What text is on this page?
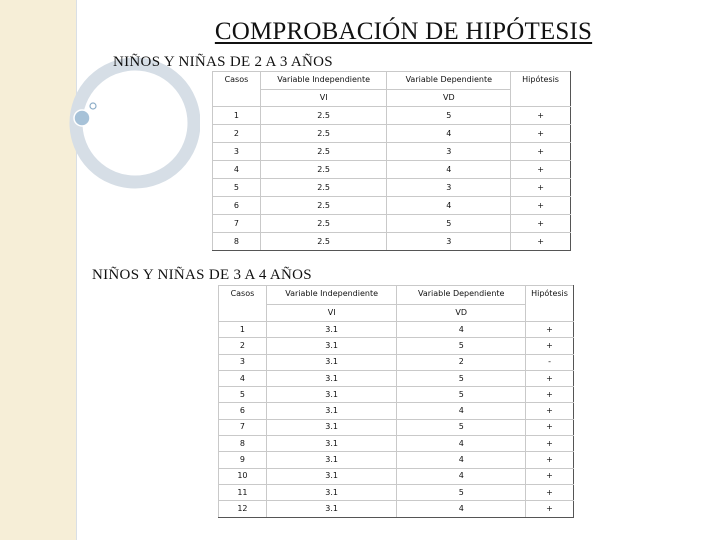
COMPROBACIÓN DE HIPÓTESIS
NIÑOS Y NIÑAS DE 2 A 3 AÑOS
Casos	Variable Independiente	Variable Dependiente	Hipótesis
	VI	VD	
1	2.5	5	+
2	2.5	4	+
3	2.5	3	+
4	2.5	4	+
5	2.5	3	+
6	2.5	4	+
7	2.5	5	+
8	2.5	3	+
NIÑOS Y NIÑAS DE 3 A 4 AÑOS
Casos	Variable Independiente	Variable Dependiente	Hipótesis
	VI	VD	
1	3.1	4	+
2	3.1	5	+
3	3.1	2	-
4	3.1	5	+
5	3.1	5	+
6	3.1	4	+
7	3.1	5	+
8	3.1	4	+
9	3.1	4	+
10	3.1	4	+
11	3.1	5	+
12	3.1	4	+
